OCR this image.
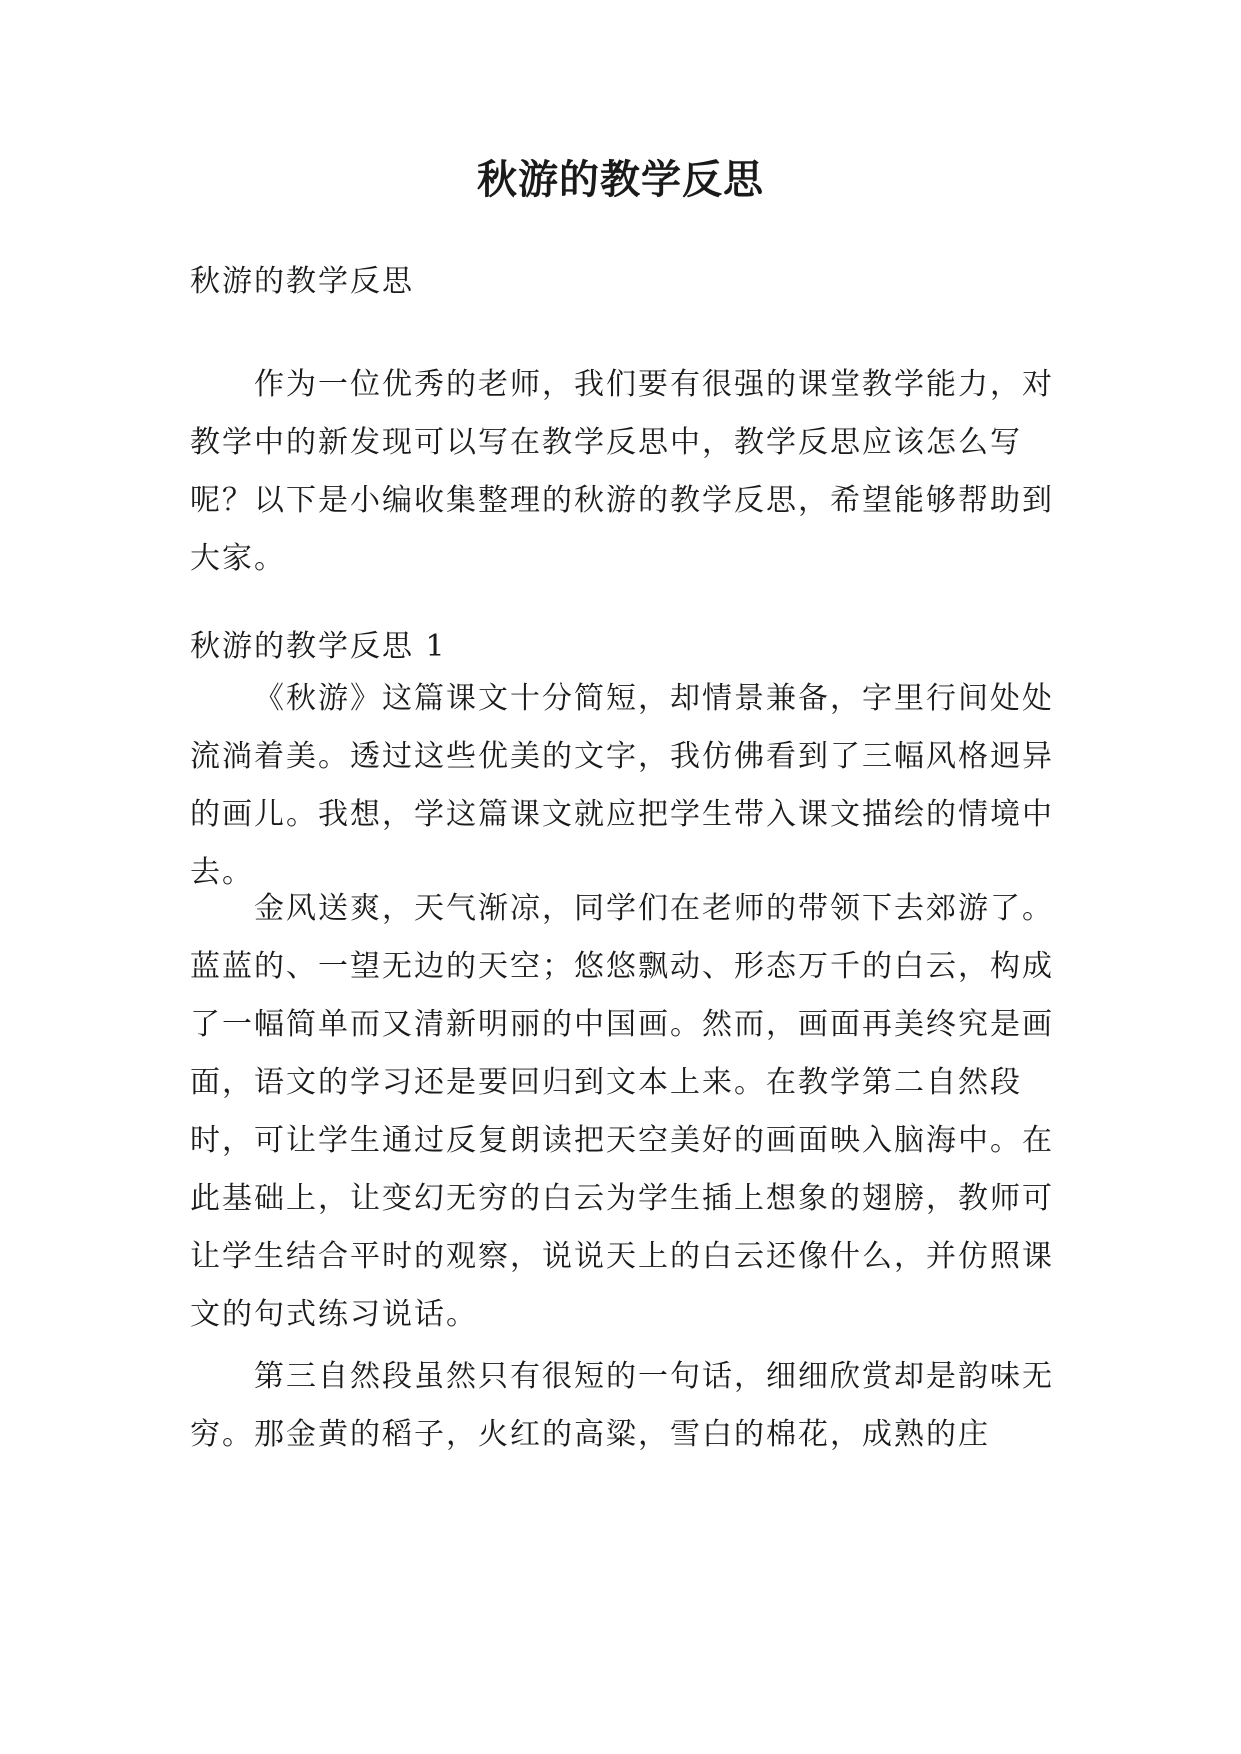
秋游的教学反思

秋游的教学反思

作为一位优秀的老师，我们要有很强的课堂教学能力，对教学中的新发现可以写在教学反思中，教学反思应该怎么写呢？以下是小编收集整理的秋游的教学反思，希望能够帮助到大家。

秋游的教学反思 1

《秋游》这篇课文十分简短，却情景兼备，字里行间处处流淌着美。透过这些优美的文字，我仿佛看到了三幅风格迥异的画儿。我想，学这篇课文就应把学生带入课文描绘的情境中去。

金风送爽，天气渐凉，同学们在老师的带领下去郊游了。蓝蓝的、一望无边的天空；悠悠飘动、形态万千的白云，构成了一幅简单而又清新明丽的中国画。然而，画面再美终究是画面，语文的学习还是要回归到文本上来。在教学第二自然段时，可让学生通过反复朗读把天空美好的画面映入脑海中。在此基础上，让变幻无穷的白云为学生插上想象的翅膀，教师可让学生结合平时的观察，说说天上的白云还像什么，并仿照课文的句式练习说话。

第三自然段虽然只有很短的一句话，细细欣赏却是韵味无穷。那金黄的稻子，火红的高粱，雪白的棉花，成熟的庄
